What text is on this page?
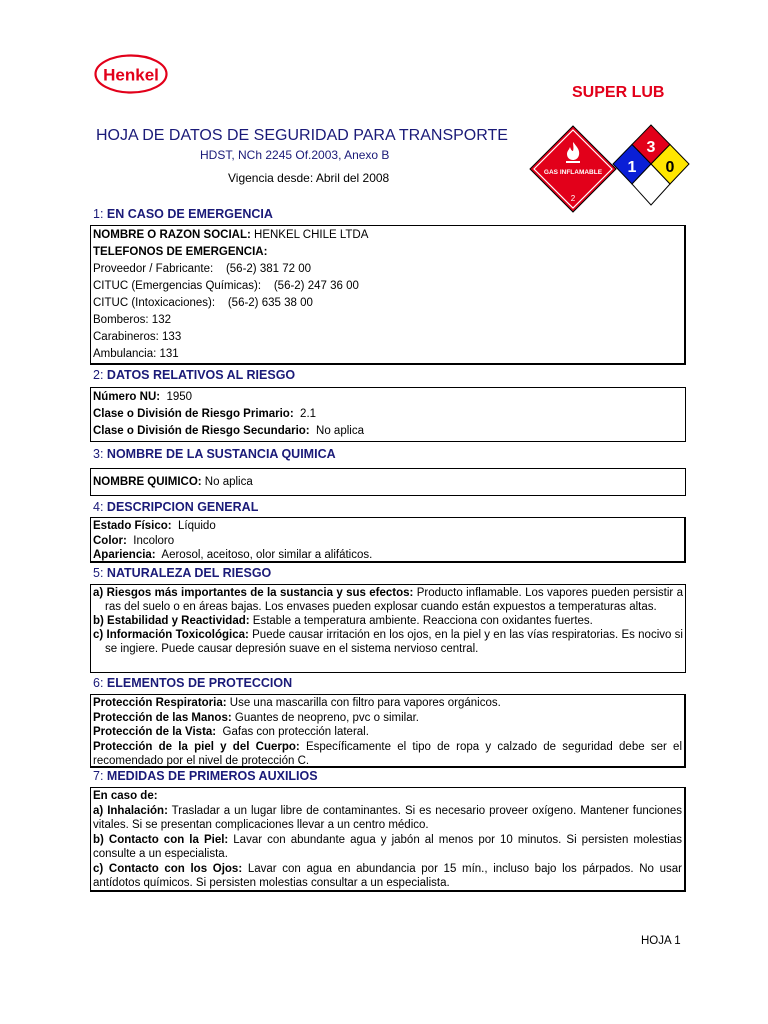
Henkel
SUPER LUB
HOJA DE DATOS DE SEGURIDAD PARA TRANSPORTE
HDST, NCh 2245 Of.2003, Anexo B
Vigencia desde: Abril del 2008	GAS INFLAMABLE
2
3
1 0
1: EN CASO DE EMERGENCIA
NOMBRE O RAZON SOCIAL: HENKEL CHILE LTDA
TELEFONOS DE EMERGENCIA:
Proveedor / Fabricante:    (56-2) 381 72 00
CITUC (Emergencias Químicas):    (56-2) 247 36 00
CITUC (Intoxicaciones):    (56-2) 635 38 00
Bomberos: 132
Carabineros: 133
Ambulancia: 131
2: DATOS RELATIVOS AL RIESGO
Número NU:  1950
Clase o División de Riesgo Primario:  2.1
Clase o División de Riesgo Secundario:  No aplica
3: NOMBRE DE LA SUSTANCIA QUIMICA
NOMBRE QUIMICO: No aplica
4: DESCRIPCION GENERAL
Estado Físico:  Líquido
Color:  Incoloro
Apariencia:  Aerosol, aceitoso, olor similar a alifáticos.
5: NATURALEZA DEL RIESGO
a) Riesgos más importantes de la sustancia y sus efectos: Producto inflamable. Los vapores pueden persistir a ras del suelo o en áreas bajas. Los envases pueden explosar cuando están expuestos a temperaturas altas.
b) Estabilidad y Reactividad: Estable a temperatura ambiente. Reacciona con oxidantes fuertes.
c) Información Toxicológica: Puede causar irritación en los ojos, en la piel y en las vías respiratorias. Es nocivo si se ingiere. Puede causar depresión suave en el sistema nervioso central.
6: ELEMENTOS DE PROTECCION
Protección Respiratoria: Use una mascarilla con filtro para vapores orgánicos.
Protección de las Manos: Guantes de neopreno, pvc o similar.
Protección de la Vista:  Gafas con protección lateral.
Protección de la piel y del Cuerpo: Específicamente el tipo de ropa y calzado de seguridad debe ser el recomendado por el nivel de protección C.
7: MEDIDAS DE PRIMEROS AUXILIOS
En caso de:
a) Inhalación: Trasladar a un lugar libre de contaminantes. Si es necesario proveer oxígeno. Mantener funciones vitales. Si se presentan complicaciones llevar a un centro médico.
b) Contacto con la Piel: Lavar con abundante agua y jabón al menos por 10 minutos. Si persisten molestias consulte a un especialista.
c) Contacto con los Ojos: Lavar con agua en abundancia por 15 mín., incluso bajo los párpados. No usar antídotos químicos. Si persisten molestias consultar a un especialista.
HOJA 1
